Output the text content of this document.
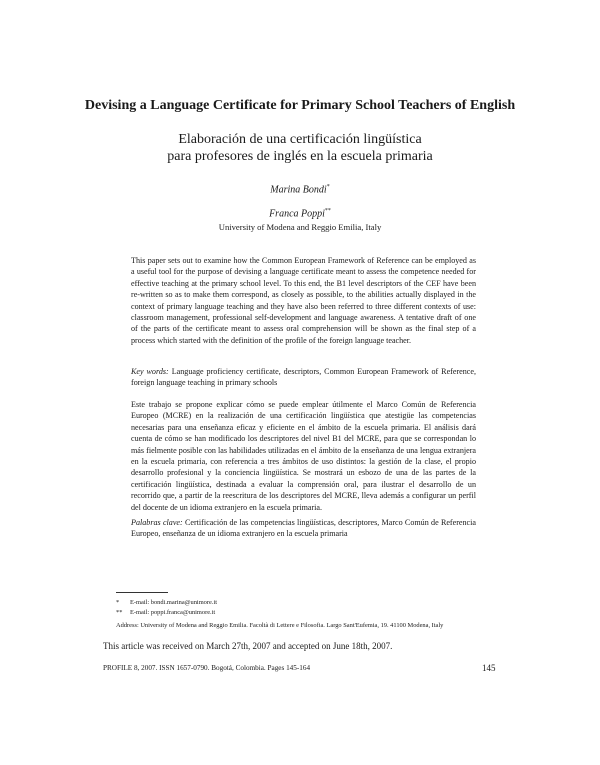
Devising a Language Certificate for Primary School Teachers of English
Elaboración de una certificación lingüística
para profesores de inglés en la escuela primaria
Marina Bondi*
Franca Poppi**
University of Modena and Reggio Emilia, Italy
This paper sets out to examine how the Common European Framework of Reference can be employed as a useful tool for the purpose of devising a language certificate meant to assess the competence needed for effective teaching at the primary school level. To this end, the B1 level descriptors of the CEF have been re-written so as to make them correspond, as closely as possible, to the abilities actually displayed in the context of primary language teaching and they have also been referred to three different contexts of use: classroom management, professional self-development and language awareness. A tentative draft of one of the parts of the certificate meant to assess oral comprehension will be shown as the final step of a process which started with the definition of the profile of the foreign language teacher.
Key words: Language proficiency certificate, descriptors, Common European Framework of Reference, foreign language teaching in primary schools
Este trabajo se propone explicar cómo se puede emplear útilmente el Marco Común de Referencia Europeo (MCRE) en la realización de una certificación lingüística que atestigüe las competencias necesarias para una enseñanza eficaz y eficiente en el ámbito de la escuela primaria. El análisis dará cuenta de cómo se han modificado los descriptores del nivel B1 del MCRE, para que se correspondan lo más fielmente posible con las habilidades utilizadas en el ámbito de la enseñanza de una lengua extranjera en la escuela primaria, con referencia a tres ámbitos de uso distintos: la gestión de la clase, el propio desarrollo profesional y la conciencia lingüística. Se mostrará un esbozo de una de las partes de la certificación lingüística, destinada a evaluar la comprensión oral, para ilustrar el desarrollo de un recorrido que, a partir de la reescritura de los descriptores del MCRE, lleva además a configurar un perfil del docente de un idioma extranjero en la escuela primaria.
Palabras clave: Certificación de las competencias lingüísticas, descriptores, Marco Común de Referencia Europeo, enseñanza de un idioma extranjero en la escuela primaria
* E-mail: bondi.marina@unimore.it
** E-mail: poppi.franca@unimore.it
Address: University of Modena and Reggio Emilia. Facoltà di Lettere e Filosofia. Largo Sant'Eufemia, 19. 41100 Modena, Italy
This article was received on March 27th, 2007 and accepted on June 18th, 2007.
PROFILE 8, 2007. ISSN 1657-0790. Bogotá, Colombia. Pages 145-164	145
